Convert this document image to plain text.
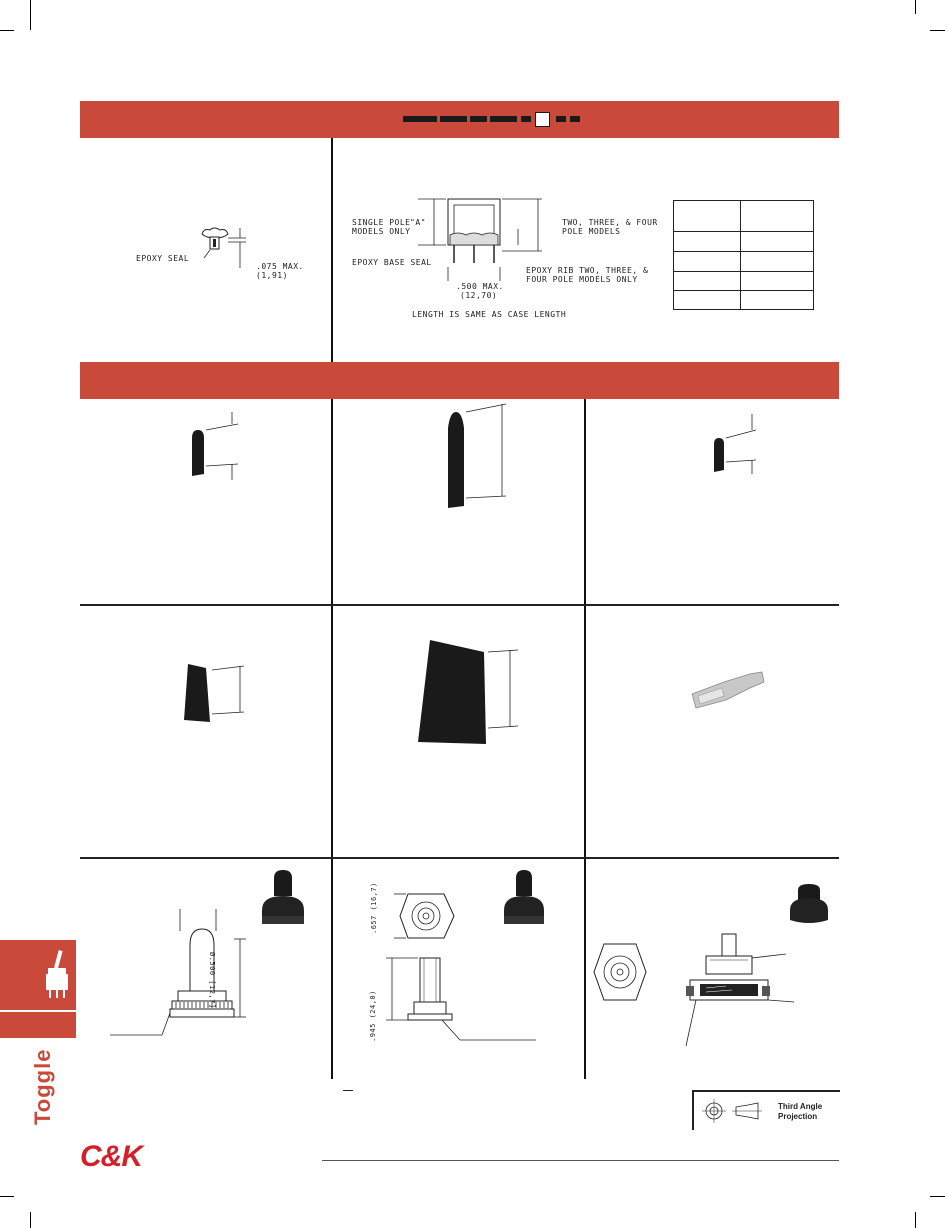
EPOXY SEAL
.075 MAX.
(1,91)
SINGLE POLE "A"
MODELS ONLY
TWO, THREE, & FOUR
POLE MODELS
EPOXY BASE SEAL
EPOXY RIB TWO, THREE, &
FOUR POLE MODELS ONLY
.500 MAX.
(12,70)
LENGTH IS SAME AS CASE LENGTH
Ø.500 [12,7]
.657 (16,7)
.945 (24,0)
Third Angle
Projection
Toggle
C&K
